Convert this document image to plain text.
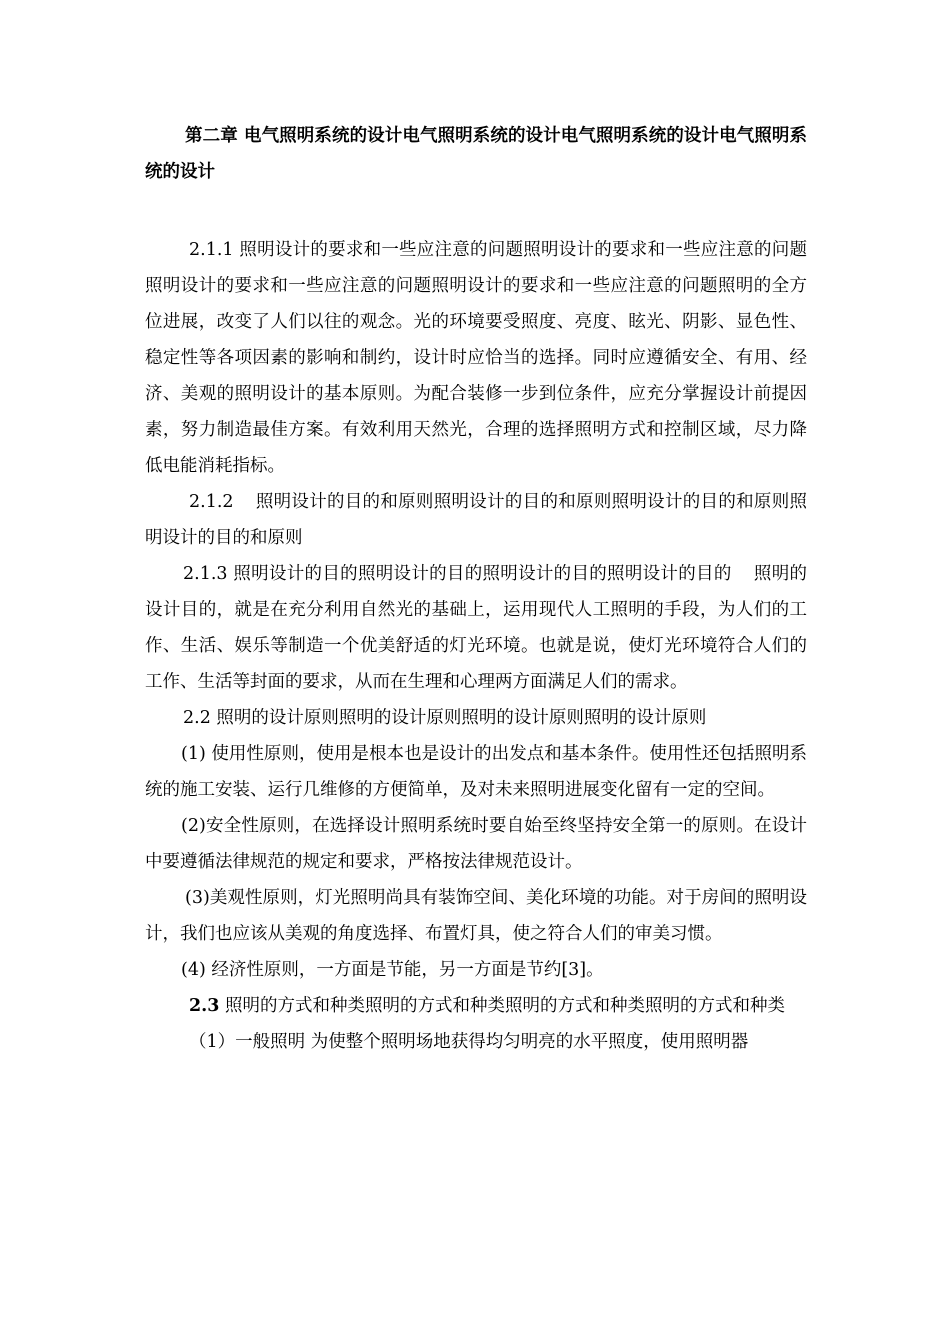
第二章 电气照明系统的设计电气照明系统的设计电气照明系统的设计电气照明系统的设计

2.1.1 照明设计的要求和一些应注意的问题照明设计的要求和一些应注意的问题照明设计的要求和一些应注意的问题照明设计的要求和一些应注意的问题照明的全方位进展，改变了人们以往的观念。光的环境要受照度、亮度、眩光、阴影、显色性、稳定性等各项因素的影响和制约，设计时应恰当的选择。同时应遵循安全、有用、经济、美观的照明设计的基本原则。为配合装修一步到位条件，应充分掌握设计前提因素，努力制造最佳方案。有效利用天然光，合理的选择照明方式和控制区域，尽力降低电能消耗指标。

2.1.2 照明设计的目的和原则照明设计的目的和原则照明设计的目的和原则照明设计的目的和原则

2.1.3 照明设计的目的照明设计的目的照明设计的目的照明设计的目的 照明的设计目的，就是在充分利用自然光的基础上，运用现代人工照明的手段，为人们的工作、生活、娱乐等制造一个优美舒适的灯光环境。也就是说，使灯光环境符合人们的工作、生活等封面的要求，从而在生理和心理两方面满足人们的需求。

2.2 照明的设计原则照明的设计原则照明的设计原则照明的设计原则

(1) 使用性原则，使用是根本也是设计的出发点和基本条件。使用性还包括照明系统的施工安装、运行几维修的方便简单，及对未来照明进展变化留有一定的空间。

(2)安全性原则，在选择设计照明系统时要自始至终坚持安全第一的原则。在设计中要遵循法律规范的规定和要求，严格按法律规范设计。

(3)美观性原则，灯光照明尚具有装饰空间、美化环境的功能。对于房间的照明设计，我们也应该从美观的角度选择、布置灯具，使之符合人们的审美习惯。

(4) 经济性原则，一方面是节能，另一方面是节约[3]。

2.3 照明的方式和种类照明的方式和种类照明的方式和种类照明的方式和种类

（1）一般照明 为使整个照明场地获得均匀明亮的水平照度，使用照明器
